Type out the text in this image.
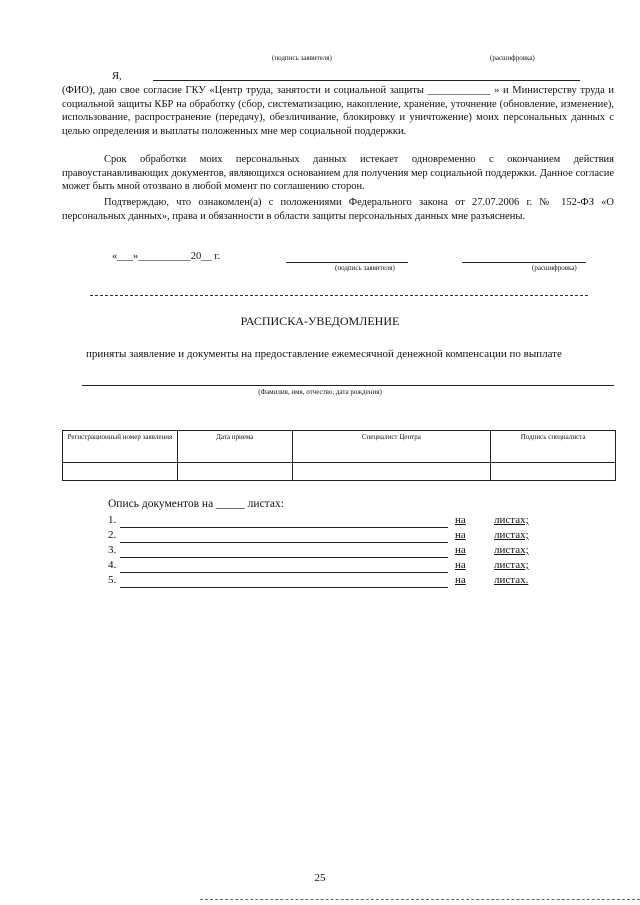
(подпись заявителя)	(расшифровка)
Я,
(ФИО), даю свое согласие ГКУ «Центр труда, занятости и социальной защиты ____________ » и Министерству труда и социальной защиты КБР на обработку (сбор, систематизацию, накопление, хранение, уточнение (обновление, изменение), использование, распространение (передачу), обезличивание, блокировку и уничтожение) моих персональных данных с целью определения и выплаты положенных мне мер социальной поддержки.
Срок обработки моих персональных данных истекает одновременно с окончанием действия правоустанавливающих документов, являющихся основанием для получения мер социальной поддержки. Данное согласие может быть мной отозвано в любой момент по соглашению сторон.
Подтверждаю, что ознакомлен(а) с положениями Федерального закона от 27.07.2006 г. № 152-ФЗ «О персональных данных», права и обязанности в области защиты персональных данных мне разъяснены.
«___»__________20__ г.
(подпись заявителя)	(расшифровка)
РАСПИСКА-УВЕДОМЛЕНИЕ
приняты заявление и документы на предоставление ежемесячной денежной компенсации по выплате
(Фамилия, имя, отчество, дата рождения)
Регистрационный номер заявления	Дата приема	Специалист Центра	Подпись специалиста

Опись документов на _____ листах:
1.	на	листах;
2.	на	листах;
3.	на	листах;
4.	на	листах;
5.	на	листах.
25
